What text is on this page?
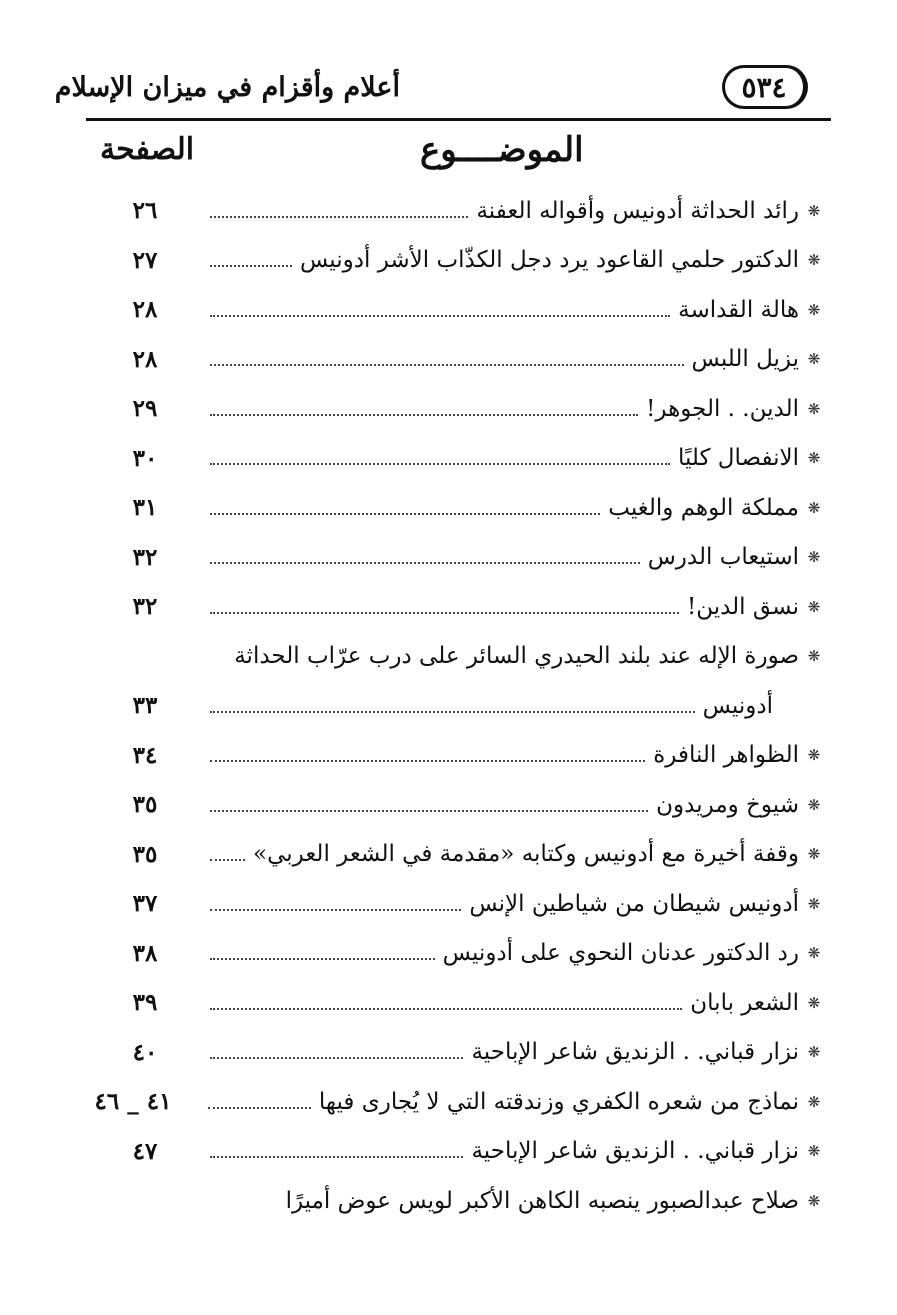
٥٣٤
أعلام وأقزام في ميزان الإسلام
الموضــــوع
الصفحة
❋
رائد الحداثة أدونيس وأقواله العفنة
٢٦
❋
الدكتور حلمي القاعود يرد دجل الكذّاب الأشر أدونيس
٢٧
❋
هالة القداسة
٢٨
❋
يزيل اللبس
٢٨
❋
الدين. . الجوهر!
٢٩
❋
الانفصال كليًا
٣٠
❋
مملكة الوهم والغيب
٣١
❋
استيعاب الدرس
٣٢
❋
نسق الدين!
٣٢
❋
صورة الإله عند بلند الحيدري السائر على درب عرّاب الحداثة
أدونيس
٣٣
❋
الظواهر النافرة
٣٤
❋
شيوخ ومريدون
٣٥
❋
وقفة أخيرة مع أدونيس وكتابه «مقدمة في الشعر العربي»
٣٥
❋
أدونيس شيطان من شياطين الإنس
٣٧
❋
رد الدكتور عدنان النحوي على أدونيس
٣٨
❋
الشعر بابان
٣٩
❋
نزار قباني. . الزنديق شاعر الإباحية
٤٠
❋
نماذج من شعره الكفري وزندقته التي لا يُجارى فيها
٤١ _ ٤٦
❋
نزار قباني. . الزنديق شاعر الإباحية
٤٧
❋
صلاح عبدالصبور ينصبه الكاهن الأكبر لويس عوض أميرًا
